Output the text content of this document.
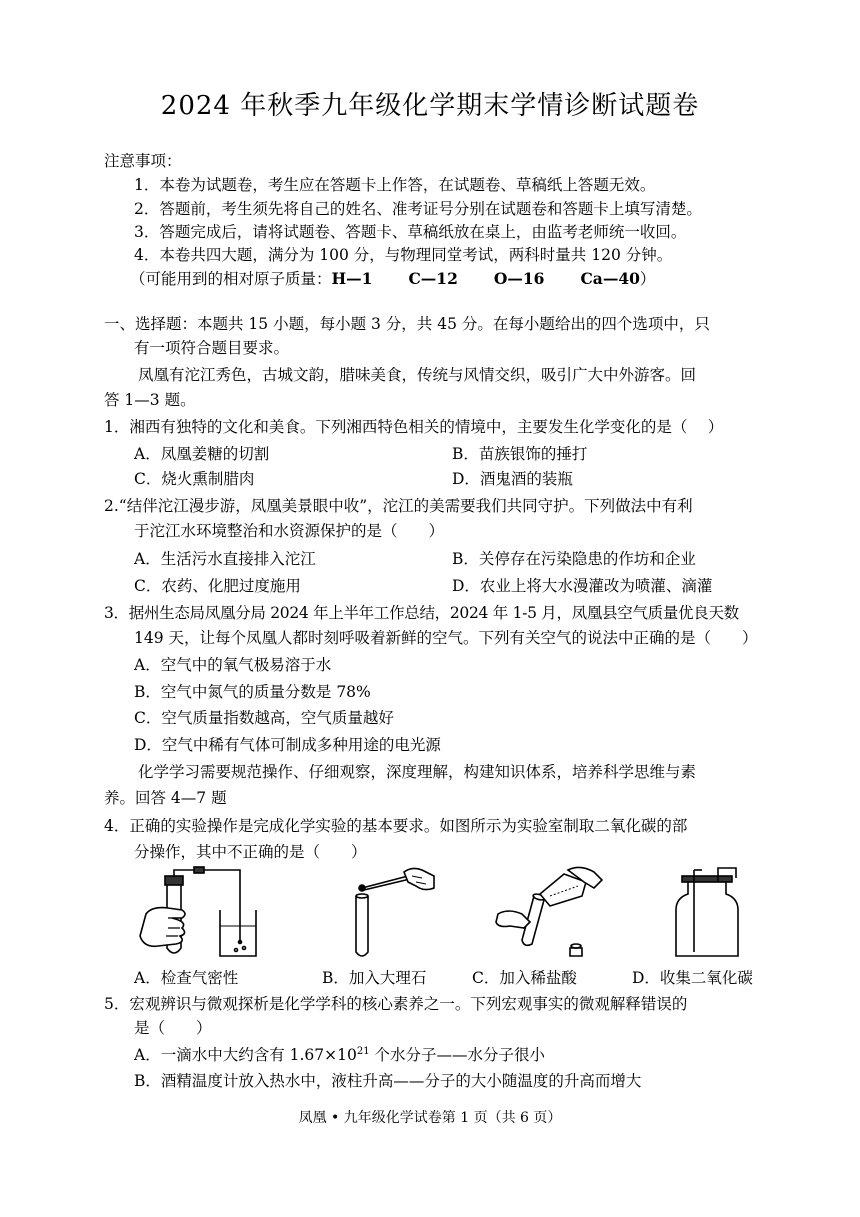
2024 年秋季九年级化学期末学情诊断试题卷
注意事项：
1．本卷为试题卷，考生应在答题卡上作答，在试题卷、草稿纸上答题无效。
2．答题前，考生须先将自己的姓名、准考证号分别在试题卷和答题卡上填写清楚。
3．答题完成后，请将试题卷、答题卡、草稿纸放在桌上，由监考老师统一收回。
4．本卷共四大题，满分为 100 分，与物理同堂考试，两科时量共 120 分钟。
（可能用到的相对原子质量：H—1 C—12 O—16 Ca—40）
一、选择题：本题共 15 小题，每小题 3 分，共 45 分。在每小题给出的四个选项中，只
有一项符合题目要求。
凤凰有沱江秀色，古城文韵，腊味美食，传统与风情交织，吸引广大中外游客。回
答 1—3 题。
1．湘西有独特的文化和美食。下列湘西特色相关的情境中，主要发生化学变化的是（　 ）
A．凤凰姜糖的切割	B．苗族银饰的捶打
C．烧火熏制腊肉	D．酒鬼酒的装瓶
2.“结伴沱江漫步游，凤凰美景眼中收”，沱江的美需要我们共同守护。下列做法中有利
于沱江水环境整治和水资源保护的是（　　）
A．生活污水直接排入沱江	B．关停存在污染隐患的作坊和企业
C．农药、化肥过度施用	D．农业上将大水漫灌改为喷灌、滴灌
3．据州生态局凤凰分局 2024 年上半年工作总结，2024 年 1-5 月，凤凰县空气质量优良天数
149 天，让每个凤凰人都时刻呼吸着新鲜的空气。下列有关空气的说法中正确的是（　　）
A．空气中的氧气极易溶于水
B．空气中氮气的质量分数是 78%
C．空气质量指数越高，空气质量越好
D．空气中稀有气体可制成多种用途的电光源
化学学习需要规范操作、仔细观察，深度理解，构建知识体系，培养科学思维与素
养。回答 4—7 题
4．正确的实验操作是完成化学实验的基本要求。如图所示为实验室制取二氧化碳的部
分操作，其中不正确的是（　　）
A．检查气密性	B．加入大理石	C．加入稀盐酸	D．收集二氧化碳
5．宏观辨识与微观探析是化学学科的核心素养之一。下列宏观事实的微观解释错误的
是（　　）
A．一滴水中大约含有 $1.67\times 10^{21}$ 个水分子——水分子很小
B．酒精温度计放入热水中，液柱升高——分子的大小随温度的升高而增大
凤凰 • 九年级化学试卷第 1 页（共 6 页）
